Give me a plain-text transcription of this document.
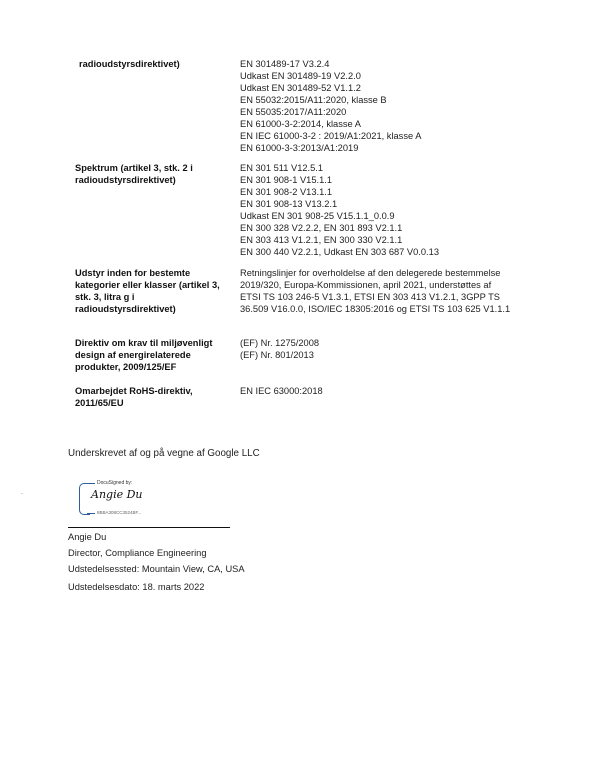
radioudstyrsdirektivet)	EN 301489-17 V3.2.4
Udkast EN 301489-19 V2.2.0
Udkast EN 301489-52 V1.1.2
EN 55032:2015/A11:2020, klasse B
EN 55035:2017/A11:2020
EN 61000-3-2:2014, klasse A
EN IEC 61000-3-2 : 2019/A1:2021, klasse A
EN 61000-3-3:2013/A1:2019
Spektrum (artikel 3, stk. 2 i radioudstyrsdirektivet)
EN 301 511 V12.5.1
EN 301 908-1 V15.1.1
EN 301 908-2 V13.1.1
EN 301 908-13 V13.2.1
Udkast EN 301 908-25 V15.1.1_0.0.9
EN 300 328 V2.2.2, EN 301 893 V2.1.1
EN 303 413 V1.2.1, EN 300 330 V2.1.1
EN 300 440 V2.2.1, Udkast EN 303 687 V0.0.13
Udstyr inden for bestemte kategorier eller klasser (artikel 3, stk. 3, litra g i radioudstyrsdirektivet)
Retningslinjer for overholdelse af den delegerede bestemmelse
2019/320, Europa-Kommissionen, april 2021, understøttes af
ETSI TS 103 246-5 V1.3.1, ETSI EN 303 413 V1.2.1, 3GPP TS
36.509 V16.0.0, ISO/IEC 18305:2016 og ETSI TS 103 625 V1.1.1
Direktiv om krav til miljøvenligt design af energirelaterede produkter, 2009/125/EF
(EF) Nr. 1275/2008
(EF) Nr. 801/2013
Omarbejdet RoHS-direktiv, 2011/65/EU
EN IEC 63000:2018
Underskrevet af og på vegne af Google LLC
`
DocuSigned by:
Angie Du
8BBA308CC3524BF...
Angie Du
Director, Compliance Engineering
Udstedelsessted: Mountain View, CA, USA
Udstedelsesdato: 18. marts 2022
